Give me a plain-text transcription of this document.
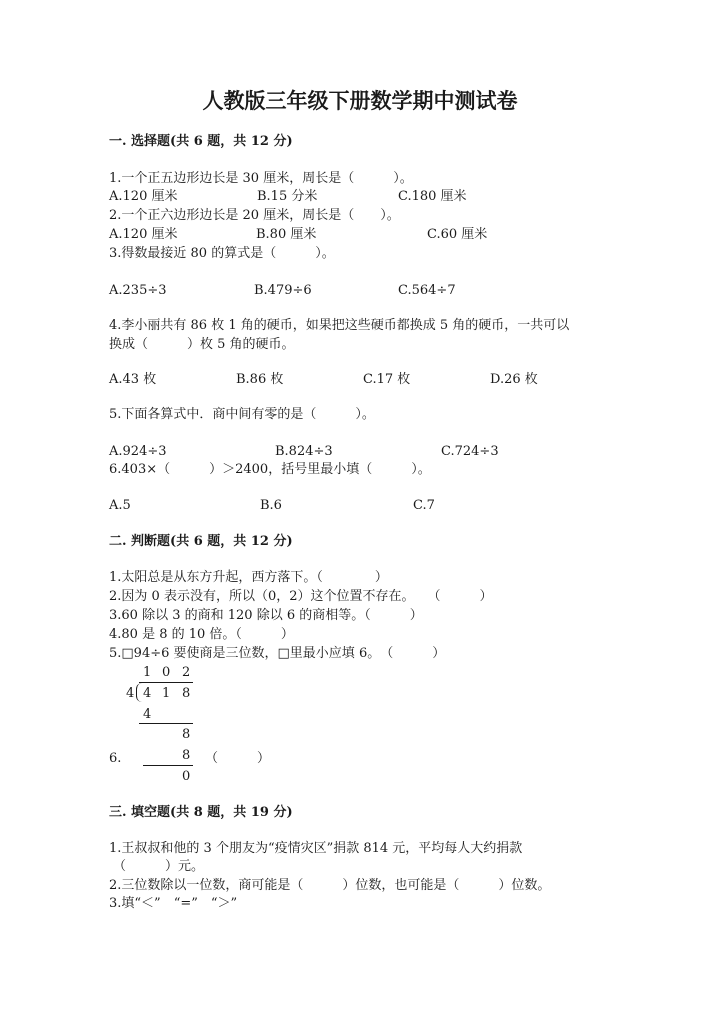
人教版三年级下册数学期中测试卷
一. 选择题(共 6 题，共 12 分)
1.一个正五边形边长是 30 厘米，周长是（　　　）。
A.120 厘米	B.15 分米	C.180 厘米
2.一个正六边形边长是 20 厘米，周长是（　　）。
A.120 厘米	B.80 厘米	C.60 厘米
3.得数最接近 80 的算式是（　　　）。
A.235÷3	B.479÷6	C.564÷7
4.李小丽共有 86 枚 1 角的硬币，如果把这些硬币都换成 5 角的硬币，一共可以
换成（　　　）枚 5 角的硬币。
A.43 枚	B.86 枚	C.17 枚	D.26 枚
5.下面各算式中．商中间有零的是（　　　）。
A.924÷3	B.824÷3	C.724÷3
6.403×（　　　）＞2400，括号里最小填（　　　）。
A.5	B.6	C.7
二. 判断题(共 6 题，共 12 分)
1.太阳总是从东方升起，西方落下。（　　　　）
2.因为 0 表示没有，所以（0，2）这个位置不存在。　　（　　　）
3.60 除以 3 的商和 120 除以 6 的商相等。（　　　）
4.80 是 8 的 10 倍。（　　　）
5.□94÷6 要使商是三位数，□里最小应填 6。　（　　　）
1 0 2
4 4 1 8
4
8
6.	8 （　　　）
0
三. 填空题(共 8 题，共 19 分)
1.王叔叔和他的 3 个朋友为“疫情灾区”捐款 814 元，平均每人大约捐款
（　　　）元。
2.三位数除以一位数，商可能是（　　　）位数，也可能是（　　　）位数。
3.填“＜”　“=”　“＞”
